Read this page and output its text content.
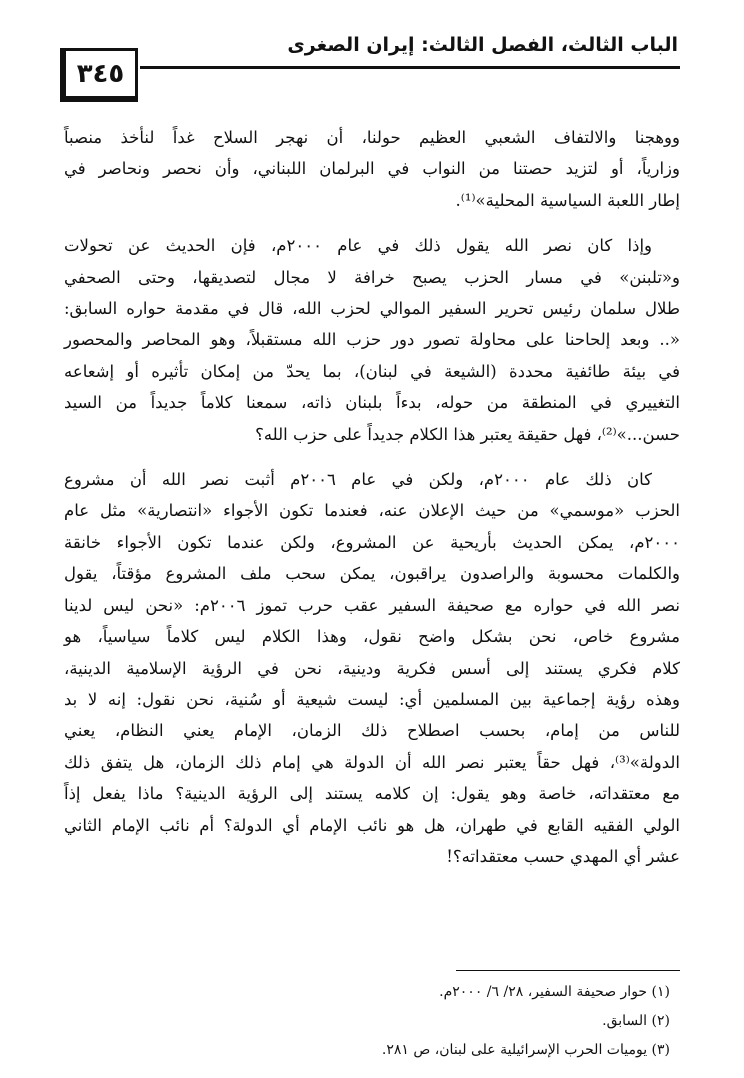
الباب الثالث، الفصل الثالث: إيران الصغرى
٣٤٥

ووهجنا والالتفاف الشعبي العظيم حولنا، أن نهجر السلاح غداً لنأخذ منصباً
وزارياً، أو لتزيد حصتنا من النواب في البرلمان اللبناني، وأن نحصر ونحاصر في
إطار اللعبة السياسية المحلية»⁽¹⁾.

وإذا كان نصر الله يقول ذلك في عام ٢٠٠٠م، فإن الحديث عن تحولات
و«تلبنن» في مسار الحزب يصبح خرافة لا مجال لتصديقها، وحتى الصحفي
طلال سلمان رئيس تحرير السفير الموالي لحزب الله، قال في مقدمة حواره السابق:
«.. وبعد إلحاحنا على محاولة تصور دور حزب الله مستقبلاً، وهو المحاصر والمحصور
في بيئة طائفية محددة (الشيعة في لبنان)، بما يحدّ من إمكان تأثيره أو إشعاعه
التغييري في المنطقة من حوله، بدءاً بلبنان ذاته، سمعنا كلاماً جديداً من السيد
حسن...»⁽²⁾، فهل حقيقة يعتبر هذا الكلام جديداً على حزب الله؟

كان ذلك عام ٢٠٠٠م، ولكن في عام ٢٠٠٦م أثبت نصر الله أن مشروع
الحزب «موسمي» من حيث الإعلان عنه، فعندما تكون الأجواء «انتصارية» مثل عام
٢٠٠٠م، يمكن الحديث بأريحية عن المشروع، ولكن عندما تكون الأجواء خانقة
والكلمات محسوبة والراصدون يراقبون، يمكن سحب ملف المشروع مؤقتاً، يقول
نصر الله في حواره مع صحيفة السفير عقب حرب تموز ٢٠٠٦م: «نحن ليس لدينا
مشروع خاص، نحن بشكل واضح نقول، وهذا الكلام ليس كلاماً سياسياً، هو
كلام فكري يستند إلى أسس فكرية ودينية، نحن في الرؤية الإسلامية الدينية،
وهذه رؤية إجماعية بين المسلمين أي: ليست شيعية أو سُنية، نحن نقول: إنه لا بد
للناس من إمام، بحسب اصطلاح ذلك الزمان، الإمام يعني النظام، يعني
الدولة»⁽³⁾، فهل حقاً يعتبر نصر الله أن الدولة هي إمام ذلك الزمان، هل يتفق ذلك
مع معتقداته، خاصة وهو يقول: إن كلامه يستند إلى الرؤية الدينية؟ ماذا يفعل إذاً
الولي الفقيه القابع في طهران، هل هو نائب الإمام أي الدولة؟ أم نائب الإمام الثاني
عشر أي المهدي حسب معتقداته؟!

(١) حوار صحيفة السفير، ٢٨/ ٦/ ٢٠٠٠م.
(٢) السابق.
(٣) يوميات الحرب الإسرائيلية على لبنان، ص ٢٨١.
